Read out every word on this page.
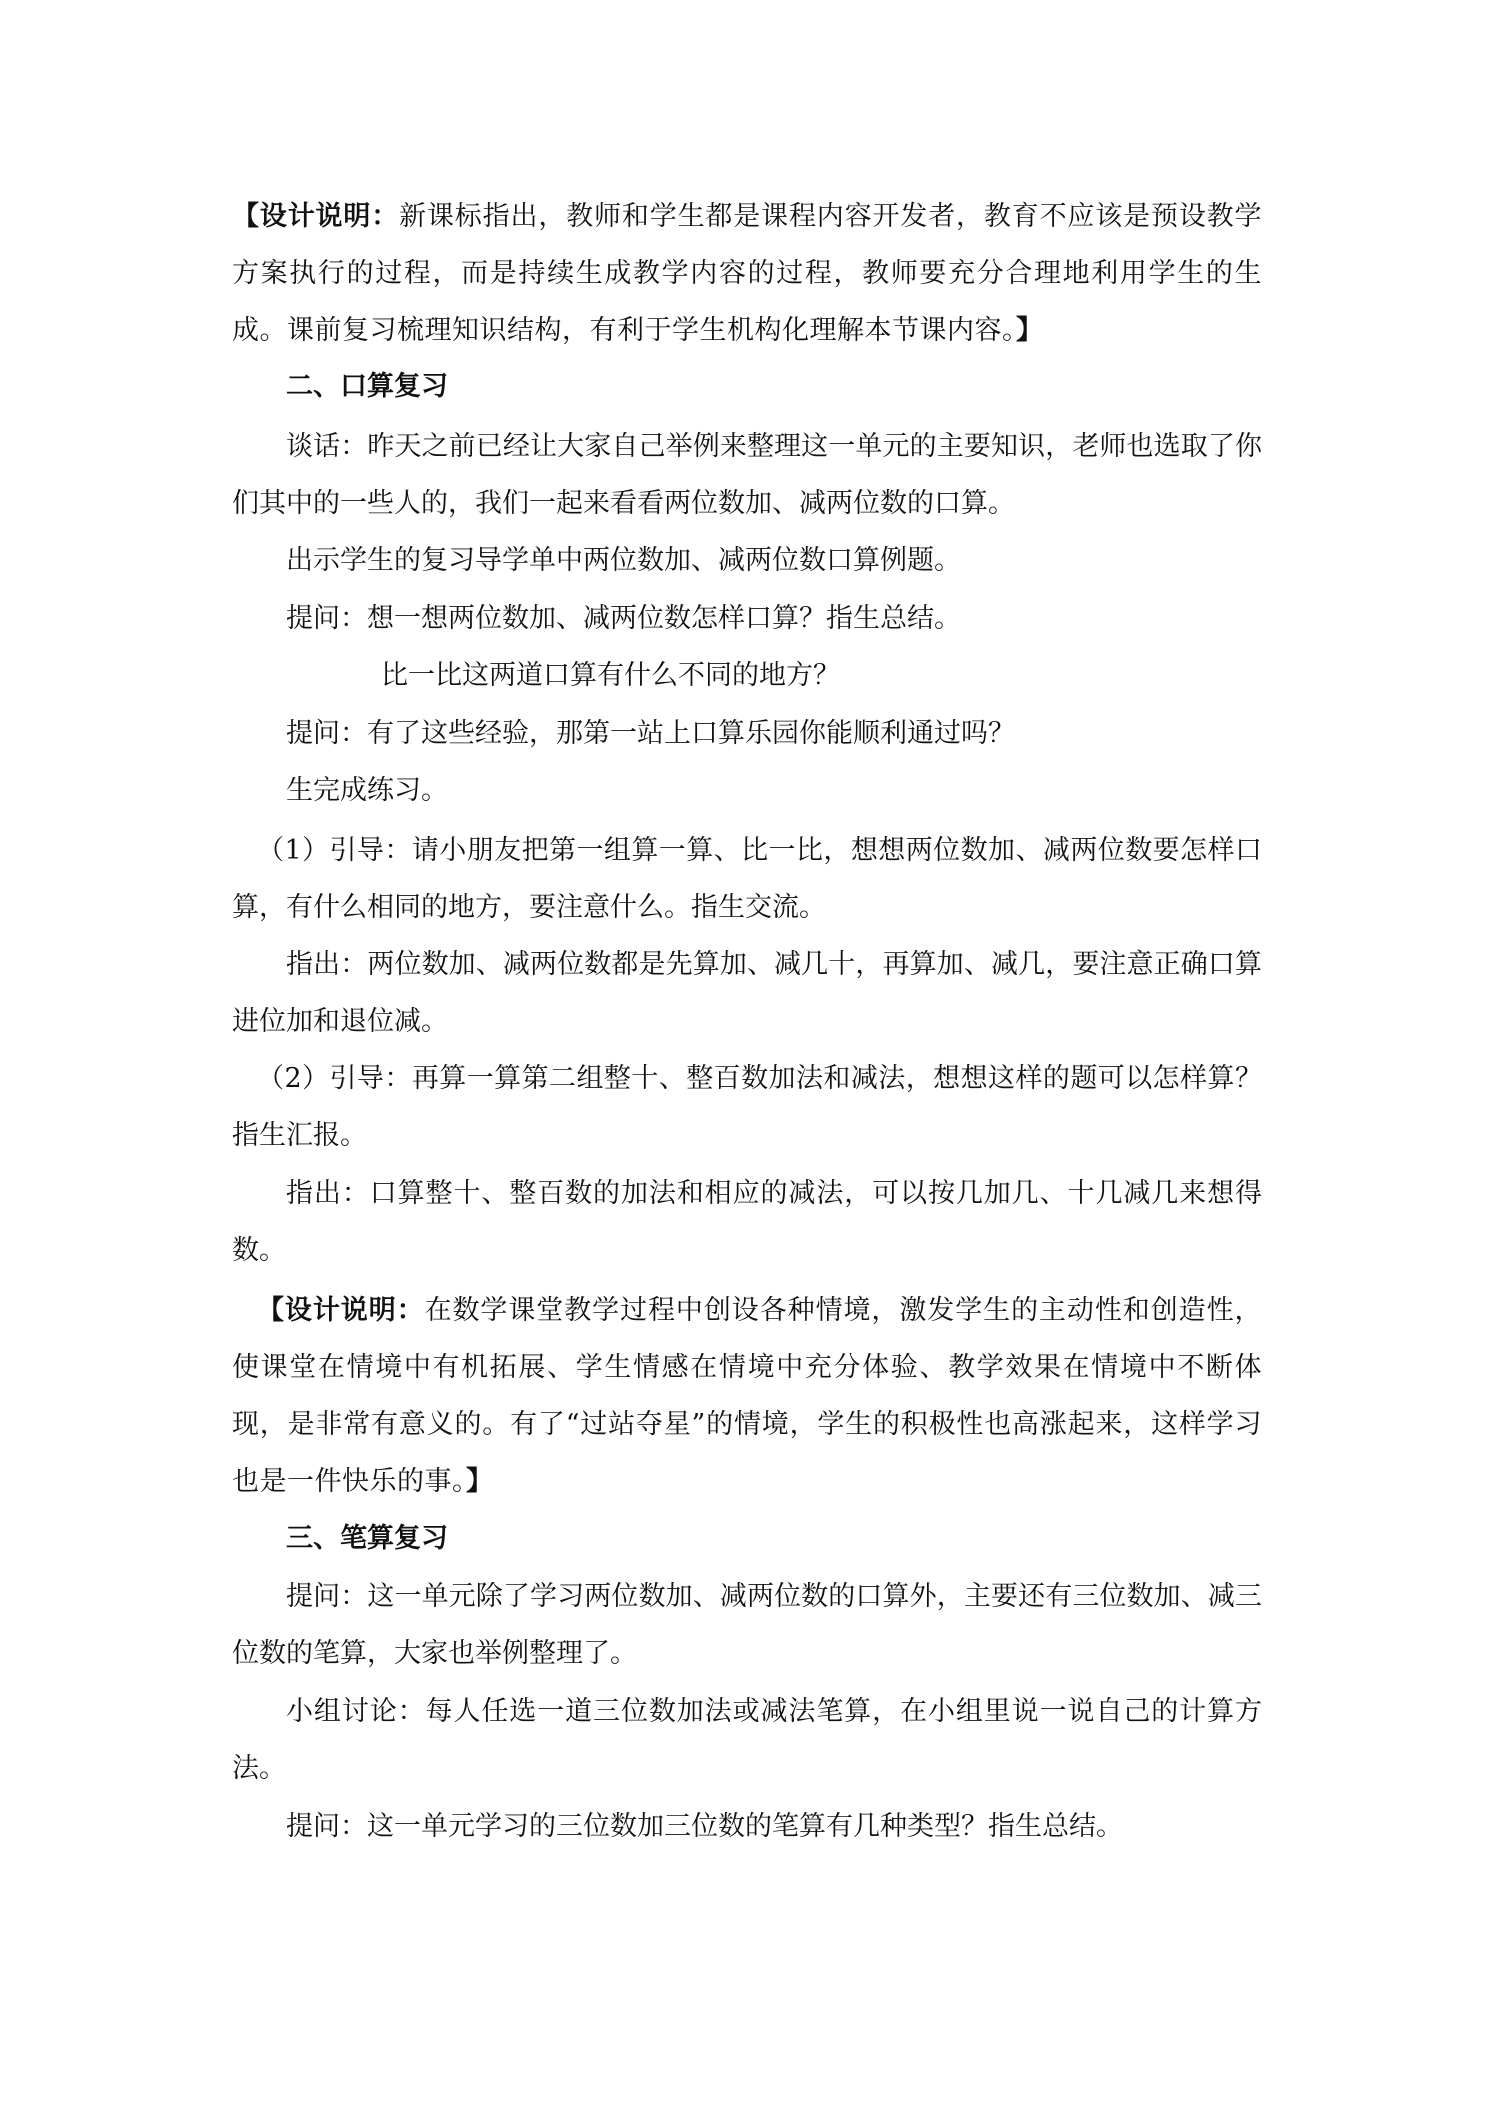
【设计说明：新课标指出，教师和学生都是课程内容开发者，教育不应该是预设教学方案执行的过程，而是持续生成教学内容的过程，教师要充分合理地利用学生的生成。课前复习梳理知识结构，有利于学生机构化理解本节课内容。】

二、口算复习

谈话：昨天之前已经让大家自己举例来整理这一单元的主要知识，老师也选取了你们其中的一些人的，我们一起来看看两位数加、减两位数的口算。

出示学生的复习导学单中两位数加、减两位数口算例题。

提问：想一想两位数加、减两位数怎样口算？指生总结。

比一比这两道口算有什么不同的地方？

提问：有了这些经验，那第一站上口算乐园你能顺利通过吗？

生完成练习。

（1）引导：请小朋友把第一组算一算、比一比，想想两位数加、减两位数要怎样口算，有什么相同的地方，要注意什么。指生交流。

指出：两位数加、减两位数都是先算加、减几十，再算加、减几，要注意正确口算进位加和退位减。

（2）引导：再算一算第二组整十、整百数加法和减法，想想这样的题可以怎样算？指生汇报。

指出：口算整十、整百数的加法和相应的减法，可以按几加几、十几减几来想得数。

【设计说明：在数学课堂教学过程中创设各种情境，激发学生的主动性和创造性，使课堂在情境中有机拓展、学生情感在情境中充分体验、教学效果在情境中不断体现，是非常有意义的。有了“过站夺星”的情境，学生的积极性也高涨起来，这样学习也是一件快乐的事。】

三、笔算复习

提问：这一单元除了学习两位数加、减两位数的口算外，主要还有三位数加、减三位数的笔算，大家也举例整理了。

小组讨论：每人任选一道三位数加法或减法笔算，在小组里说一说自己的计算方法。

提问：这一单元学习的三位数加三位数的笔算有几种类型？指生总结。
